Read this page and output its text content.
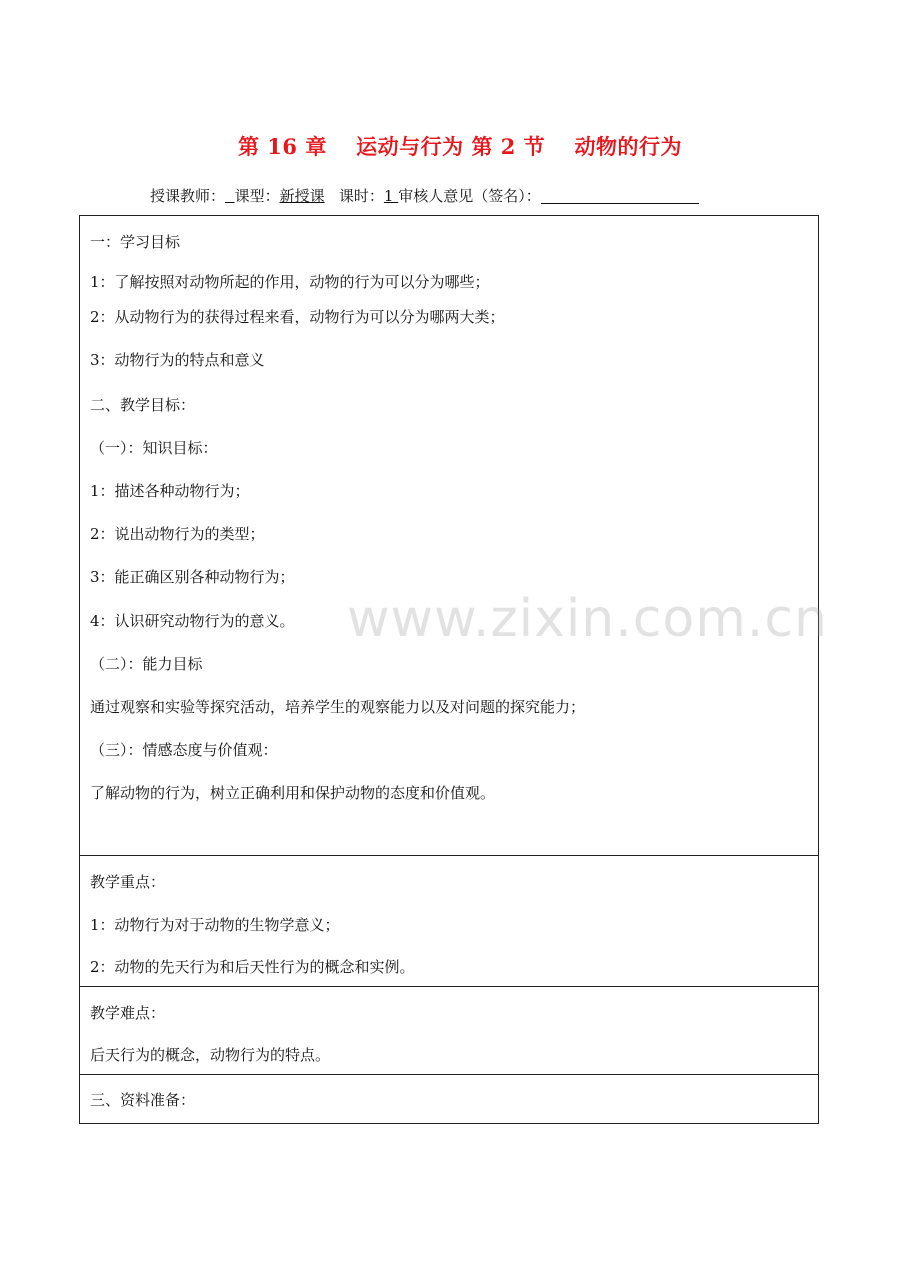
第 16 章　 运动与行为 第 2 节　 动物的行为
授课教师： 课型：新授课 课时：1 审核人意见（签名）：
一：学习目标
1：了解按照对动物所起的作用，动物的行为可以分为哪些；
2：从动物行为的获得过程来看，动物行为可以分为哪两大类；
3：动物行为的特点和意义
二、教学目标：
（一）：知识目标：
1：描述各种动物行为；
2：说出动物行为的类型；
3：能正确区别各种动物行为；
4：认识研究动物行为的意义。
（二）：能力目标
通过观察和实验等探究活动，培养学生的观察能力以及对问题的探究能力；
（三）：情感态度与价值观：
了解动物的行为，树立正确利用和保护动物的态度和价值观。
教学重点：
1：动物行为对于动物的生物学意义；
2：动物的先天行为和后天性行为的概念和实例。
教学难点：
后天行为的概念，动物行为的特点。
三、资料准备：
www.zixin.com.cn
